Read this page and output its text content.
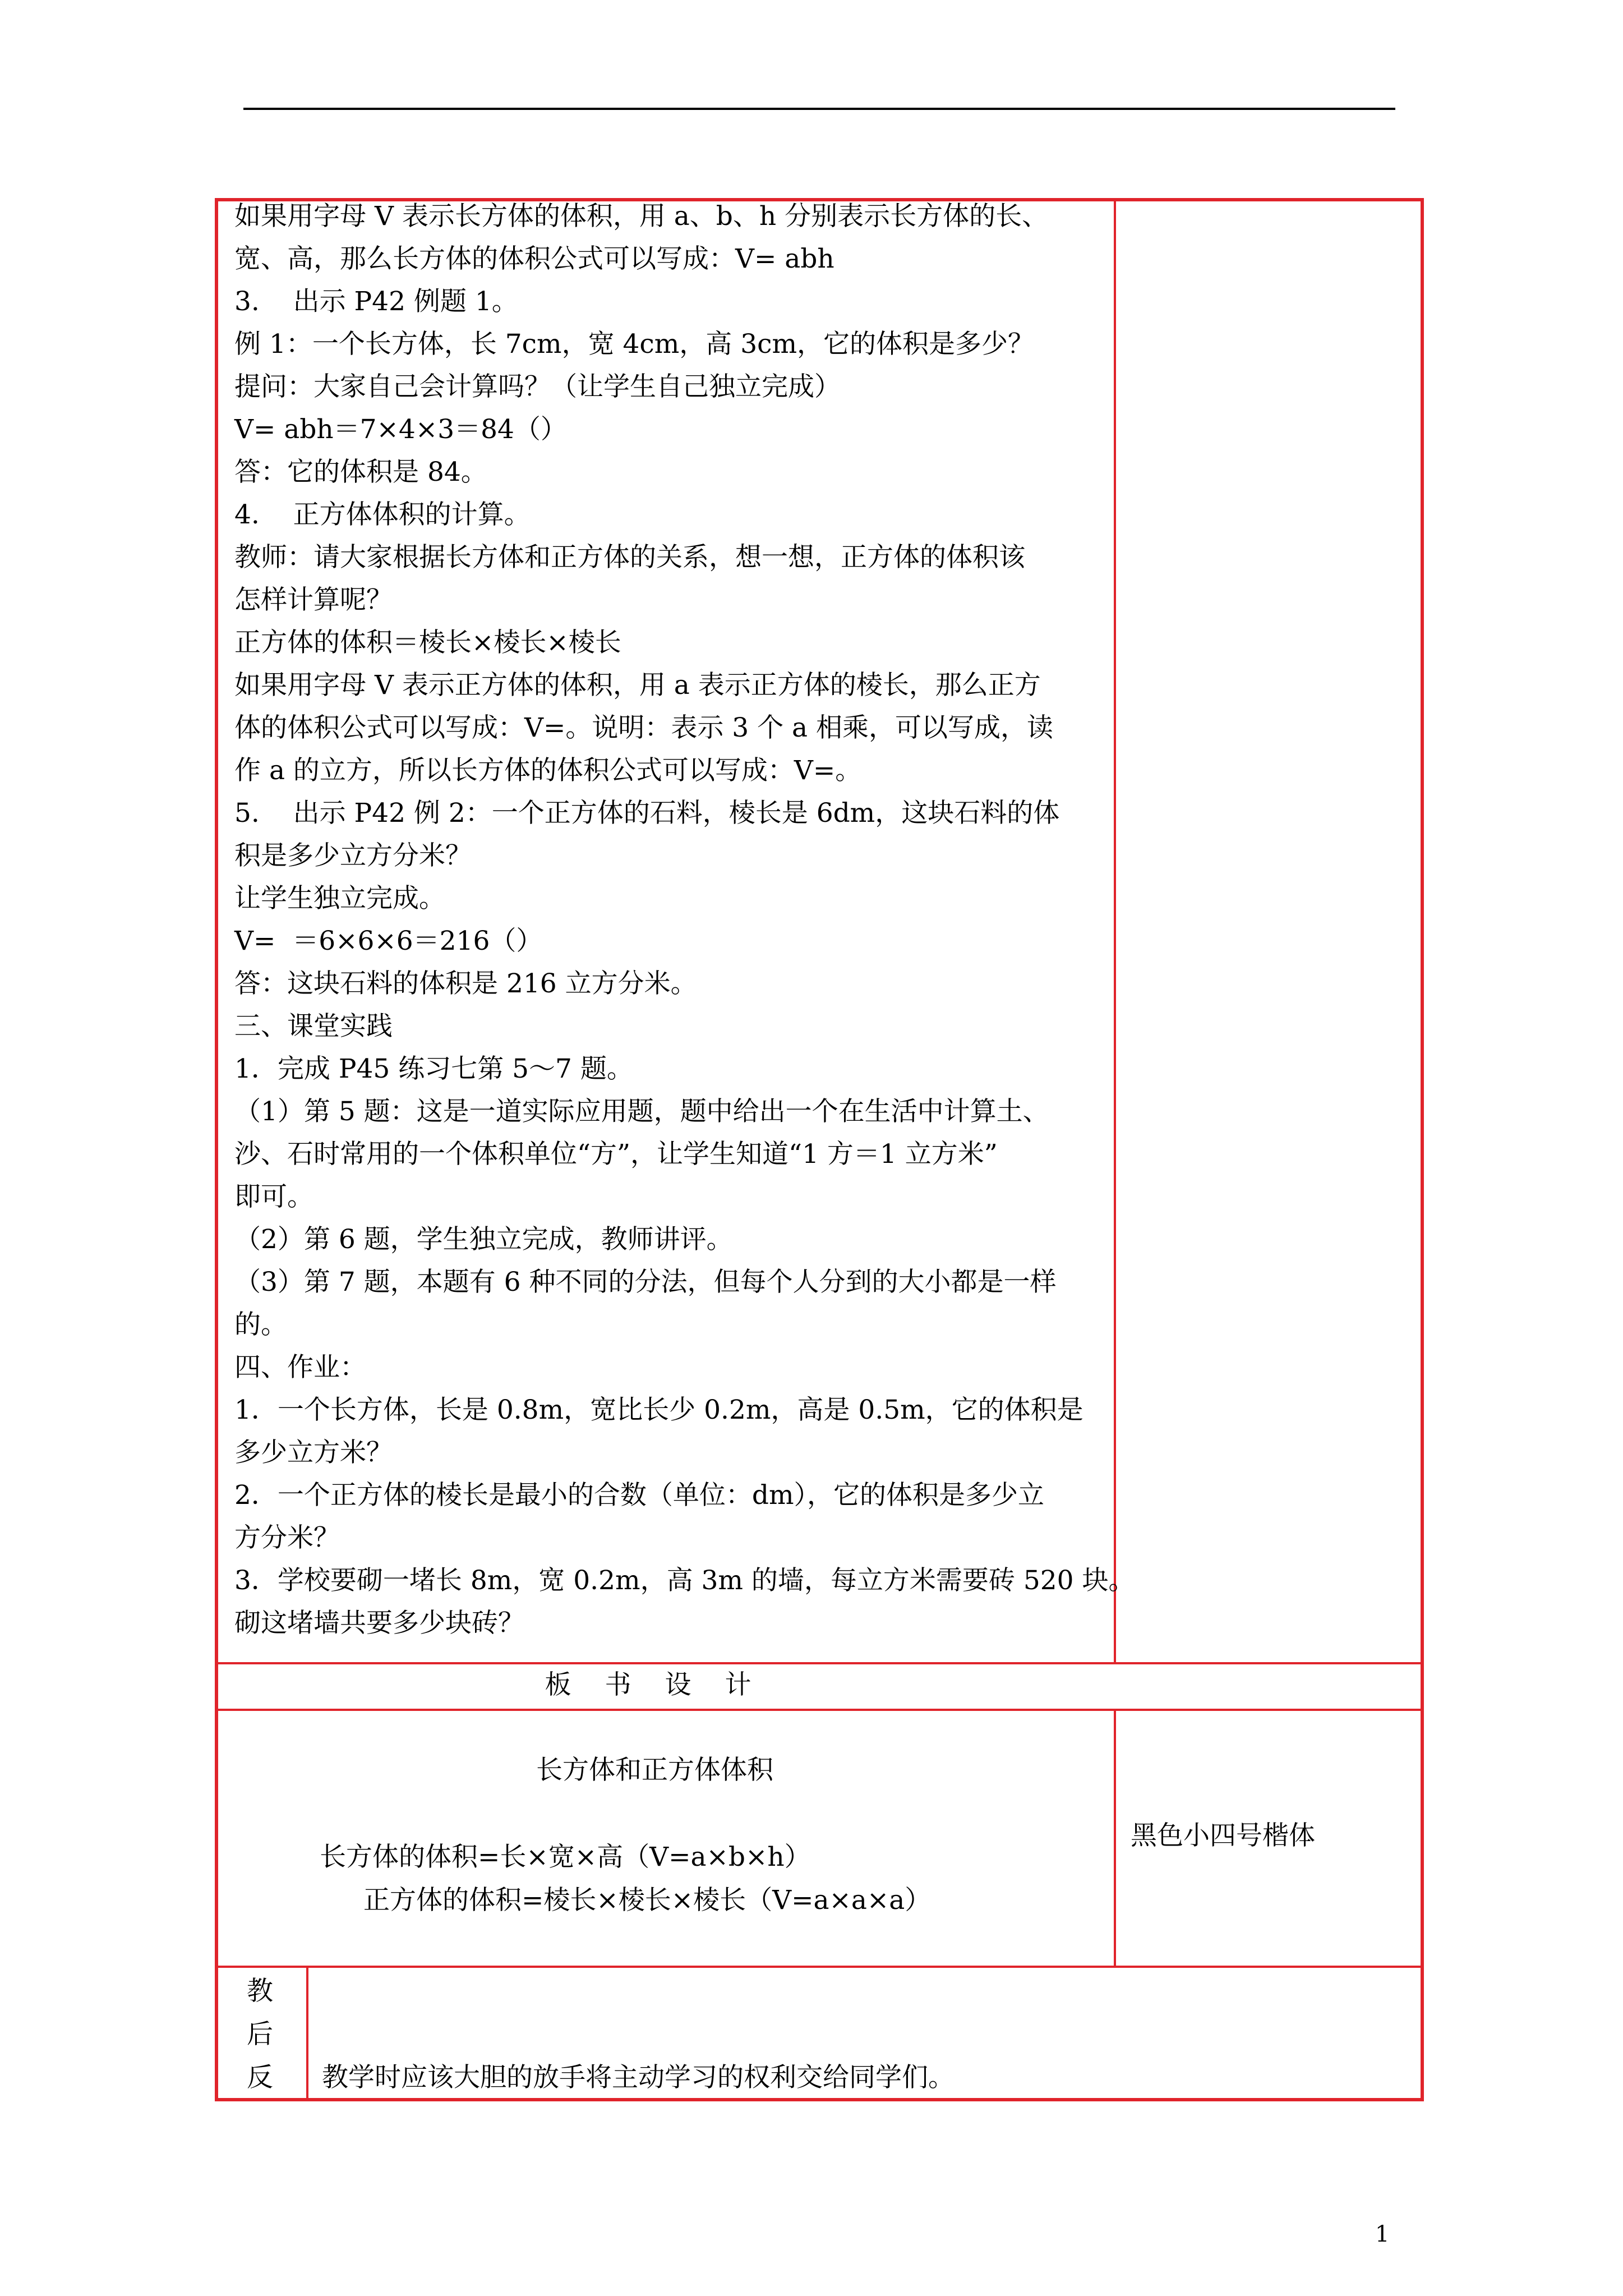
如果用字母 V 表示长方体的体积，用 a、b、h 分别表示长方体的长、
宽、高，那么长方体的体积公式可以写成：V= abh
3.    出示 P42 例题 1。
例 1：一个长方体，长 7cm，宽 4cm，高 3cm，它的体积是多少？
提问：大家自己会计算吗？（让学生自己独立完成）
V= abh＝7×4×3＝84（）
答：它的体积是 84。
4.    正方体体积的计算。
教师：请大家根据长方体和正方体的关系，想一想，正方体的体积该
怎样计算呢？
正方体的体积＝棱长×棱长×棱长
如果用字母 V 表示正方体的体积，用 a 表示正方体的棱长，那么正方
体的体积公式可以写成：V=。说明：表示 3 个 a 相乘，可以写成，读
作 a 的立方，所以长方体的体积公式可以写成：V=。
5.    出示 P42 例 2：一个正方体的石料，棱长是 6dm，这块石料的体
积是多少立方分米？
让学生独立完成。
V=  ＝6×6×6＝216（）
答：这块石料的体积是 216 立方分米。
三、课堂实践
1．完成 P45 练习七第 5～7 题。
（1）第 5 题：这是一道实际应用题，题中给出一个在生活中计算土、
沙、石时常用的一个体积单位“方”，让学生知道“1 方＝1 立方米”
即可。
（2）第 6 题，学生独立完成，教师讲评。
（3）第 7 题，本题有 6 种不同的分法，但每个人分到的大小都是一样
的。
四、作业：
1．一个长方体，长是 0.8m，宽比长少 0.2m，高是 0.5m，它的体积是
多少立方米？
2．一个正方体的棱长是最小的合数（单位：dm），它的体积是多少立
方分米？
3．学校要砌一堵长 8m，宽 0.2m，高 3m 的墙，每立方米需要砖 520 块。
砌这堵墙共要多少块砖？
板书设计
长方体和正方体体积
长方体的体积=长×宽×高（V=a×b×h）
正方体的体积=棱长×棱长×棱长（V=a×a×a）
黑色小四号楷体
教
后
反 教学时应该大胆的放手将主动学习的权利交给同学们。
1
